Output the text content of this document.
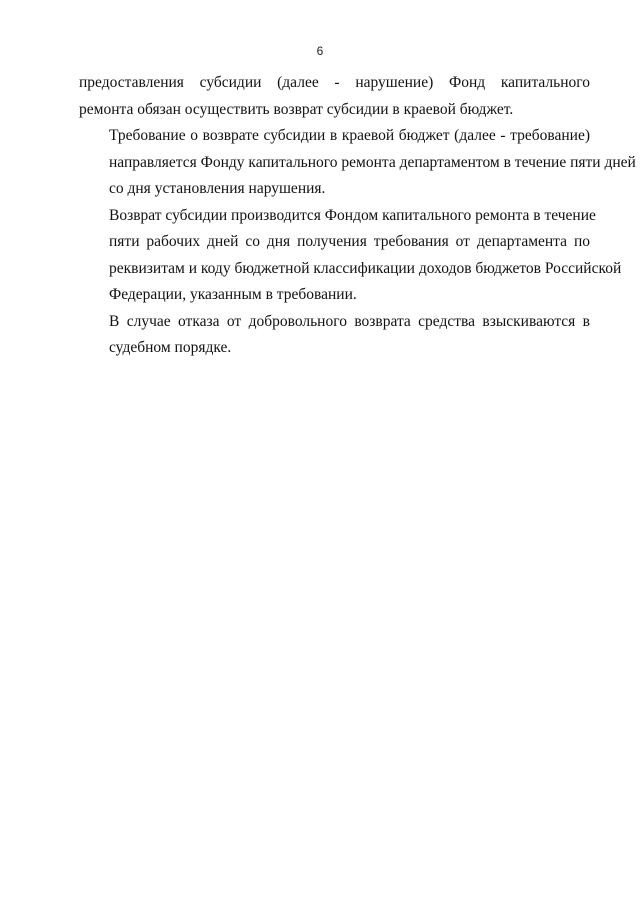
6

предоставления субсидии (далее - нарушение) Фонд капитального
ремонта обязан осуществить возврат субсидии в краевой бюджет.

Требование о возврате субсидии в краевой бюджет (далее - требование)
направляется Фонду капитального ремонта департаментом в течение пяти дней
со дня установления нарушения.

Возврат субсидии производится Фондом капитального ремонта в течение
пяти рабочих дней со дня получения требования от департамента по
реквизитам и коду бюджетной классификации доходов бюджетов Российской
Федерации, указанным в требовании.

В случае отказа от добровольного возврата средства взыскиваются в
судебном порядке.
